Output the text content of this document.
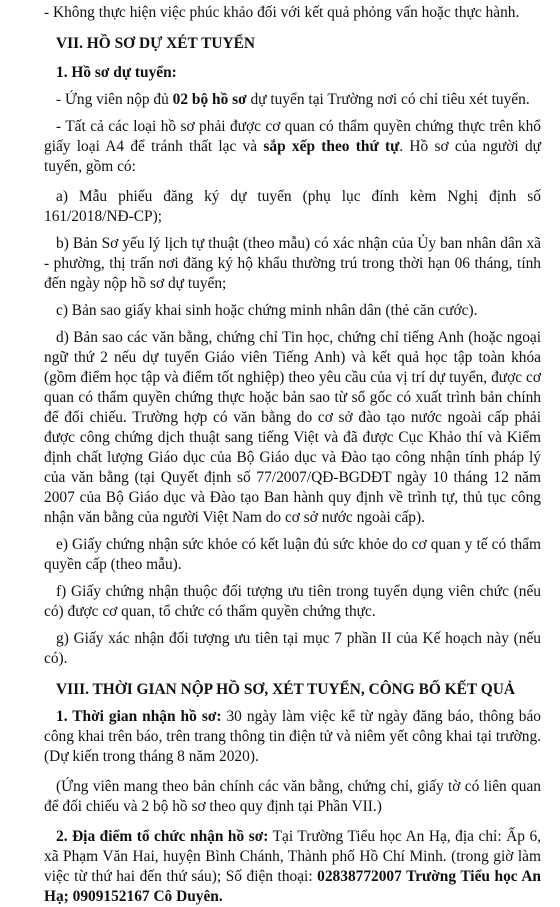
- Không thực hiện việc phúc khảo đối với kết quả phỏng vấn hoặc thực hành.

VII. HỒ SƠ DỰ XÉT TUYỂN

1. Hồ sơ dự tuyển:

- Ứng viên nộp đủ 02 bộ hồ sơ dự tuyển tại Trường nơi có chỉ tiêu xét tuyển.

- Tất cả các loại hồ sơ phải được cơ quan có thẩm quyền chứng thực trên khổ giấy loại A4 để tránh thất lạc và sắp xếp theo thứ tự. Hồ sơ của người dự tuyển, gồm có:

a) Mẫu phiếu đăng ký dự tuyển (phụ lục đính kèm Nghị định số 161/2018/NĐ-CP);

b) Bản Sơ yếu lý lịch tự thuật (theo mẫu) có xác nhận của Ủy ban nhân dân xã - phường, thị trấn nơi đăng ký hộ khẩu thường trú trong thời hạn 06 tháng, tính đến ngày nộp hồ sơ dự tuyển;

c) Bản sao giấy khai sinh hoặc chứng minh nhân dân (thẻ căn cước).

d) Bản sao các văn bằng, chứng chỉ Tin học, chứng chỉ tiếng Anh (hoặc ngoại ngữ thứ 2 nếu dự tuyển Giáo viên Tiếng Anh) và kết quả học tập toàn khóa (gồm điểm học tập và điểm tốt nghiệp) theo yêu cầu của vị trí dự tuyển, được cơ quan có thẩm quyền chứng thực hoặc bản sao từ sổ gốc có xuất trình bản chính để đối chiếu. Trường hợp có văn bằng do cơ sở đào tạo nước ngoài cấp phải được công chứng dịch thuật sang tiếng Việt và đã được Cục Khảo thí và Kiểm định chất lượng Giáo dục của Bộ Giáo dục và Đào tạo công nhận tính pháp lý của văn bằng (tại Quyết định số 77/2007/QĐ-BGDĐT ngày 10 tháng 12 năm 2007 của Bộ Giáo dục và Đào tạo Ban hành quy định về trình tự, thủ tục công nhận văn bằng của người Việt Nam do cơ sở nước ngoài cấp).

e) Giấy chứng nhận sức khỏe có kết luận đủ sức khỏe do cơ quan y tế có thẩm quyền cấp (theo mẫu).

f) Giấy chứng nhận thuộc đối tượng ưu tiên trong tuyển dụng viên chức (nếu có) được cơ quan, tổ chức có thẩm quyền chứng thực.

g) Giấy xác nhận đối tượng ưu tiên tại mục 7 phần II của Kế hoạch này (nếu có).

VIII. THỜI GIAN NỘP HỒ SƠ, XÉT TUYỂN, CÔNG BỐ KẾT QUẢ

1. Thời gian nhận hồ sơ: 30 ngày làm việc kể từ ngày đăng báo, thông báo công khai trên báo, trên trang thông tin điện tử và niêm yết công khai tại trường. (Dự kiến trong tháng 8 năm 2020).

(Ứng viên mang theo bản chính các văn bằng, chứng chỉ, giấy tờ có liên quan để đối chiếu và 2 bộ hồ sơ theo quy định tại Phần VII.)

2. Địa điểm tổ chức nhận hồ sơ: Tại Trường Tiểu học An Hạ, địa chỉ: Ấp 6, xã Phạm Văn Hai, huyện Bình Chánh, Thành phố Hồ Chí Minh. (trong giờ làm việc từ thứ hai đến thứ sáu); Số điện thoại: 02838772007 Trường Tiểu học An Hạ; 0909152167 Cô Duyên.
